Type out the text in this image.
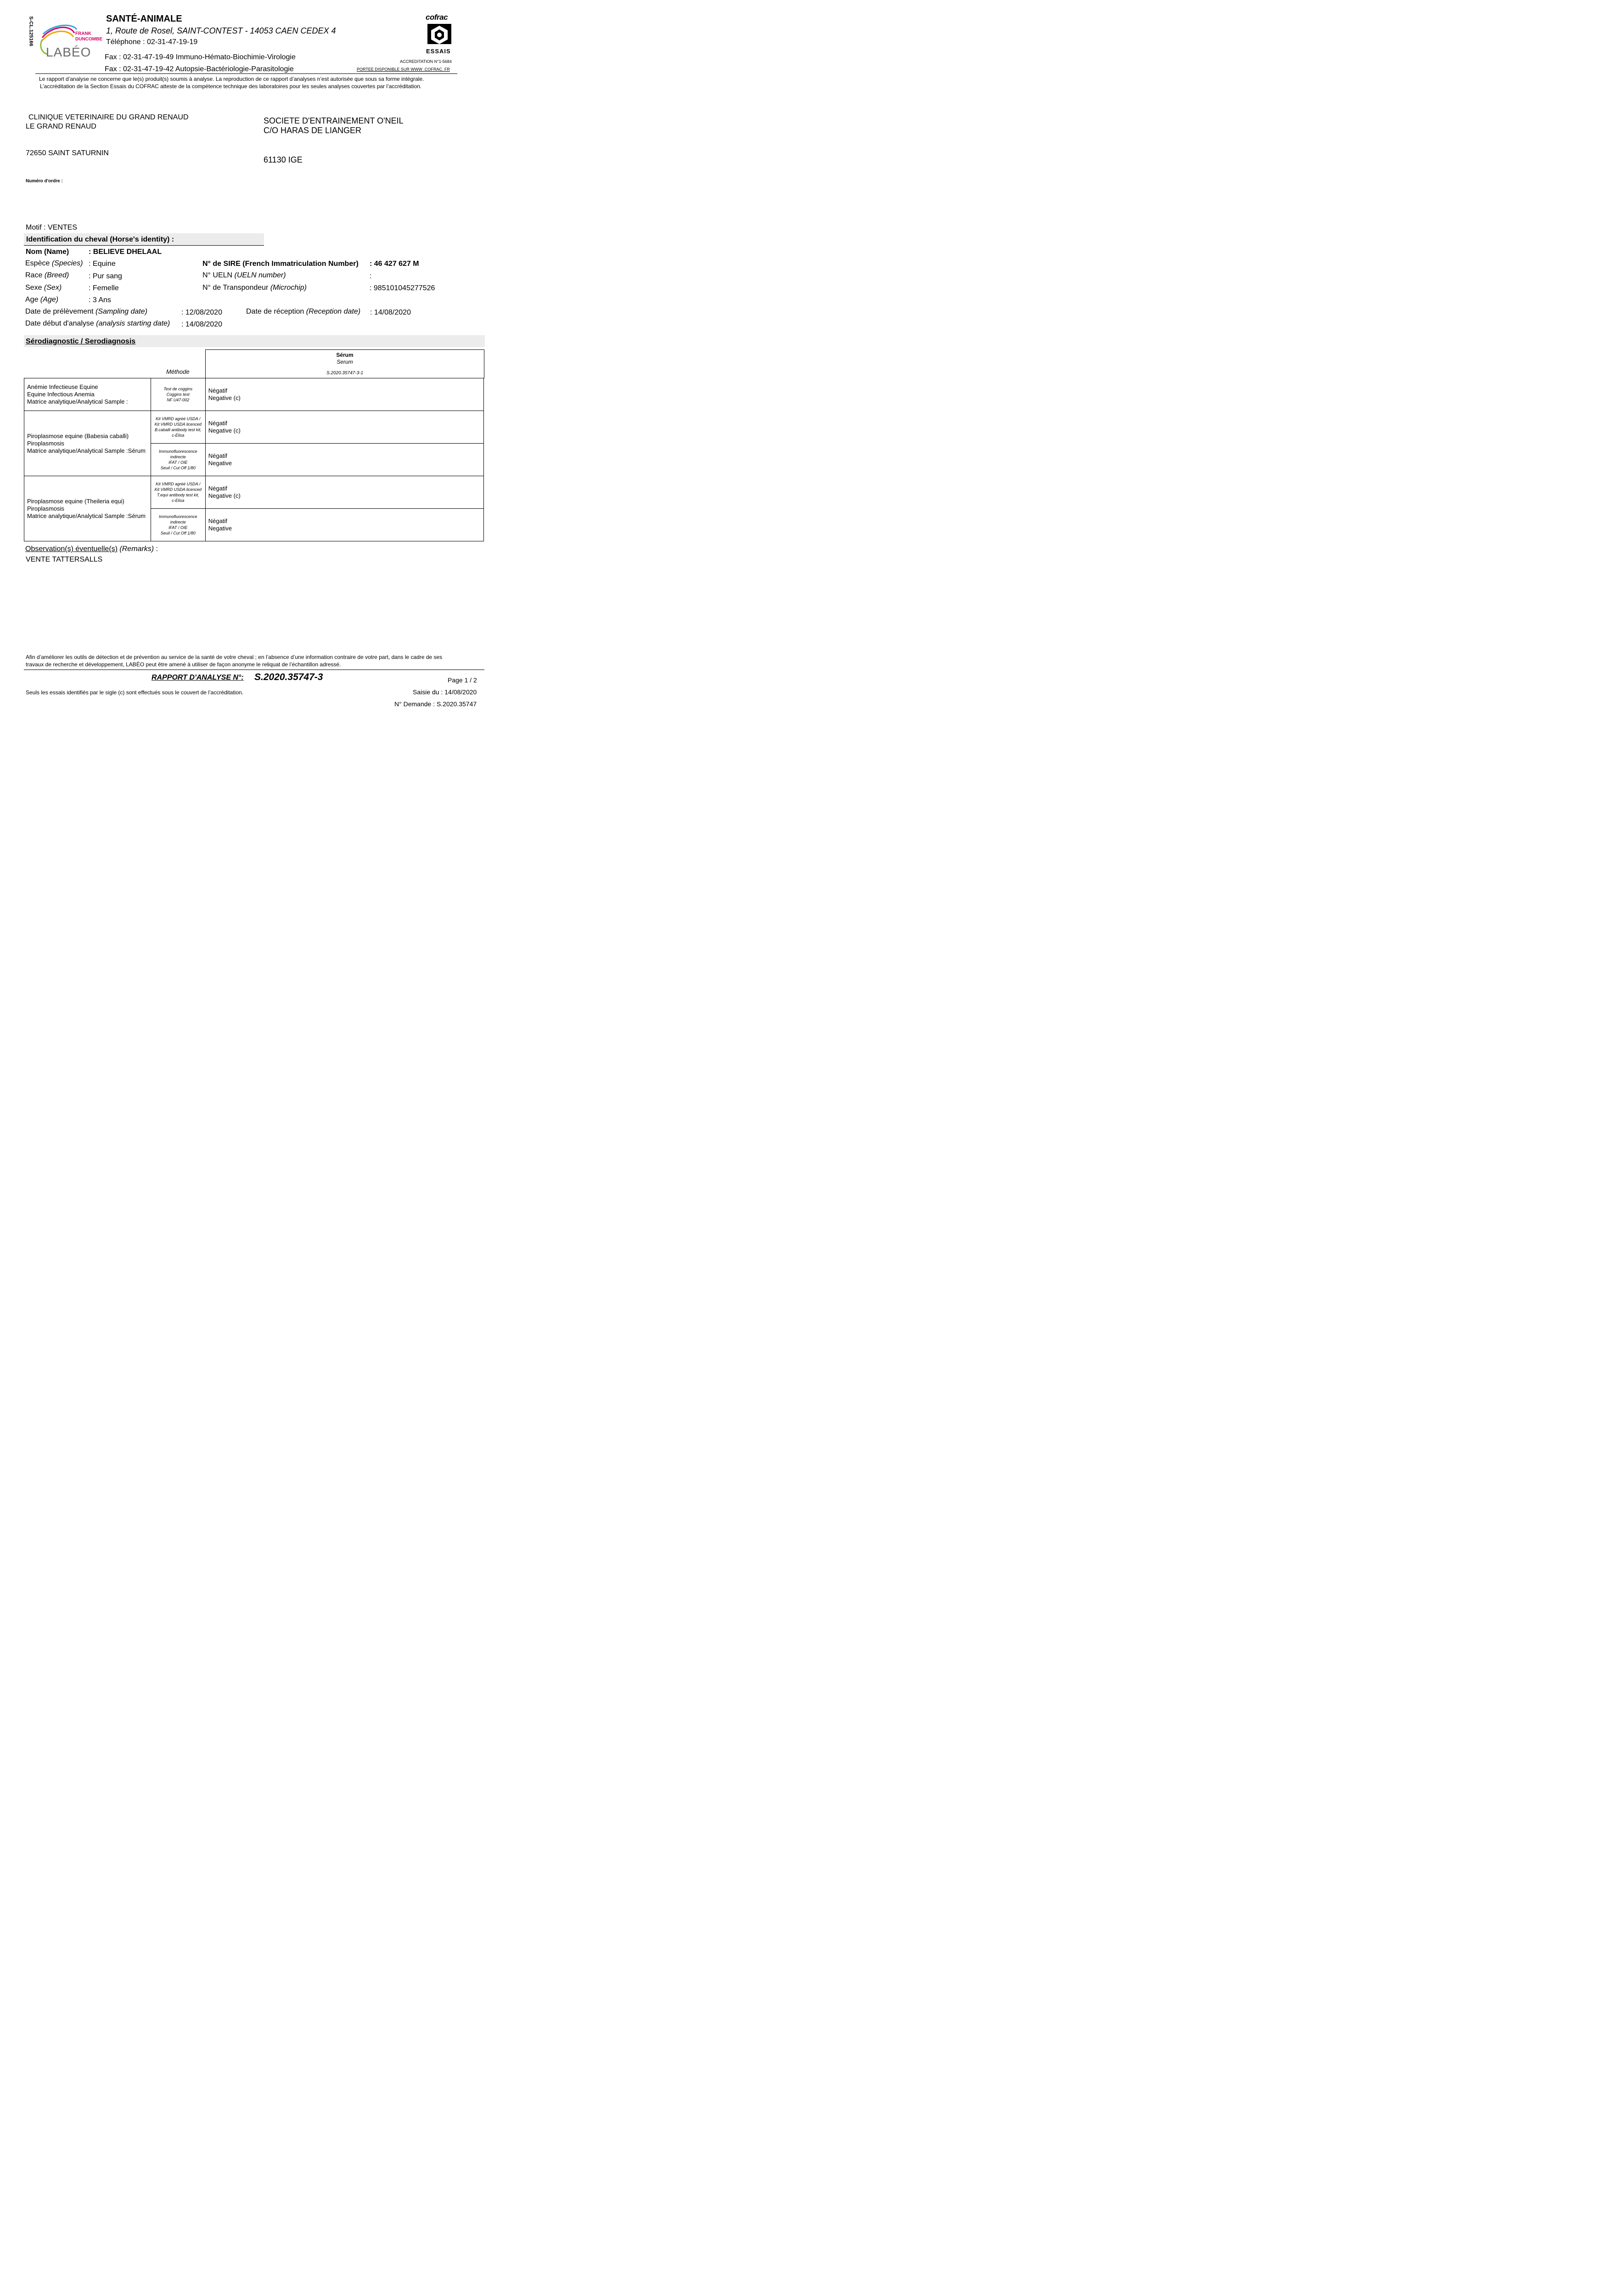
S-CL.125166	FRANK
DUNCOMBE
LABÉO
SANTÉ-ANIMALE
1, Route de Rosel, SAINT-CONTEST - 14053 CAEN CEDEX 4
Téléphone : 02-31-47-19-19
Fax : 02-31-47-19-49 Immuno-Hémato-Biochimie-Virologie
Fax : 02-31-47-19-42 Autopsie-Bactériologie-Parasitologie
cofrac
ESSAIS
ACCREDITATION N°1-5684
PORTEE DISPONIBLE SUR WWW .COFRAC. FR
Le rapport d’analyse ne concerne que le(s) produit(s) soumis à analyse. La reproduction de ce rapport d’analyses n’est autorisée que sous sa forme intégrale.
L’accréditation de la Section Essais du COFRAC atteste de la compétence technique des laboratoires pour les seules analyses couvertes par l’accréditation.
CLINIQUE VETERINAIRE DU GRAND RENAUD
LE GRAND RENAUD
72650 SAINT SATURNIN
SOCIETE D'ENTRAINEMENT O'NEIL
C/O HARAS DE LIANGER
61130 IGE
Numéro d'ordre :
Motif : VENTES
Identification du cheval (Horse's identity) :
Nom (Name)	: BELIEVE DHELAAL
Espèce (Species) : Equine
Race (Breed)	: Pur sang
Sexe (Sex)	: Femelle
Age (Age)	: 3 Ans
N° de SIRE (French Immatriculation Number) : 46 427 627 M
N° UELN (UELN number)	:
N° de Transpondeur (Microchip)	: 985101045277526
Date de prélèvement (Sampling date)	: 12/08/2020	Date de réception (Reception date) : 14/08/2020
Date début d'analyse (analysis starting date) : 14/08/2020
Sérodiagnostic / Serodiagnosis
Sérum
Serum
S.2020.35747-3-1
Méthode
Anémie Infectieuse Equine
Equine Infectious Anemia
Matrice analytique/Analytical Sample :	Test de coggins
Coggins test
NF U47-002	Négatif
Negative (c)

Piroplasmose equine (Babesia caballi)
Piroplasmosis
Matrice analytique/Analytical Sample :Sérum	Kit VMRD agréé USDA /
Kit VMRD USDA licenced
B.caballi antibody test kit,
c-Elisa	Négatif
Negative (c)

	Immunofluorescence
indirecte
IFAT / OIE
Seuil / Cut Off 1/80	Négatif
Negative

Piroplasmose equine (Theileria equi)
Piroplasmosis
Matrice analytique/Analytical Sample :Sérum	Kit VMRD agréé USDA /
Kit VMRD USDA licenced
T.equi antibody test kit,
c-Elisa	Négatif
Negative (c)

	Immunofluorescence
indirecte
IFAT / OIE
Seuil / Cut Off 1/80	Négatif
Negative
Observation(s) éventuelle(s) (Remarks) :
VENTE TATTERSALLS
Afin d’améliorer les outils de détection et de prévention au service de la santé de votre cheval ; en l’absence d’une information contraire de votre part, dans le cadre de ses
travaux de recherche et développement, LABÉO peut être amené à utiliser de façon anonyme le reliquat de l’échantillon adressé.
RAPPORT D'ANALYSE N°: S.2020.35747-3	Page 1 / 2
Saisie du : 14/08/2020
N° Demande : S.2020.35747
Seuls les essais identifiés par le sigle (c) sont effectués sous le couvert de l’accréditation.
